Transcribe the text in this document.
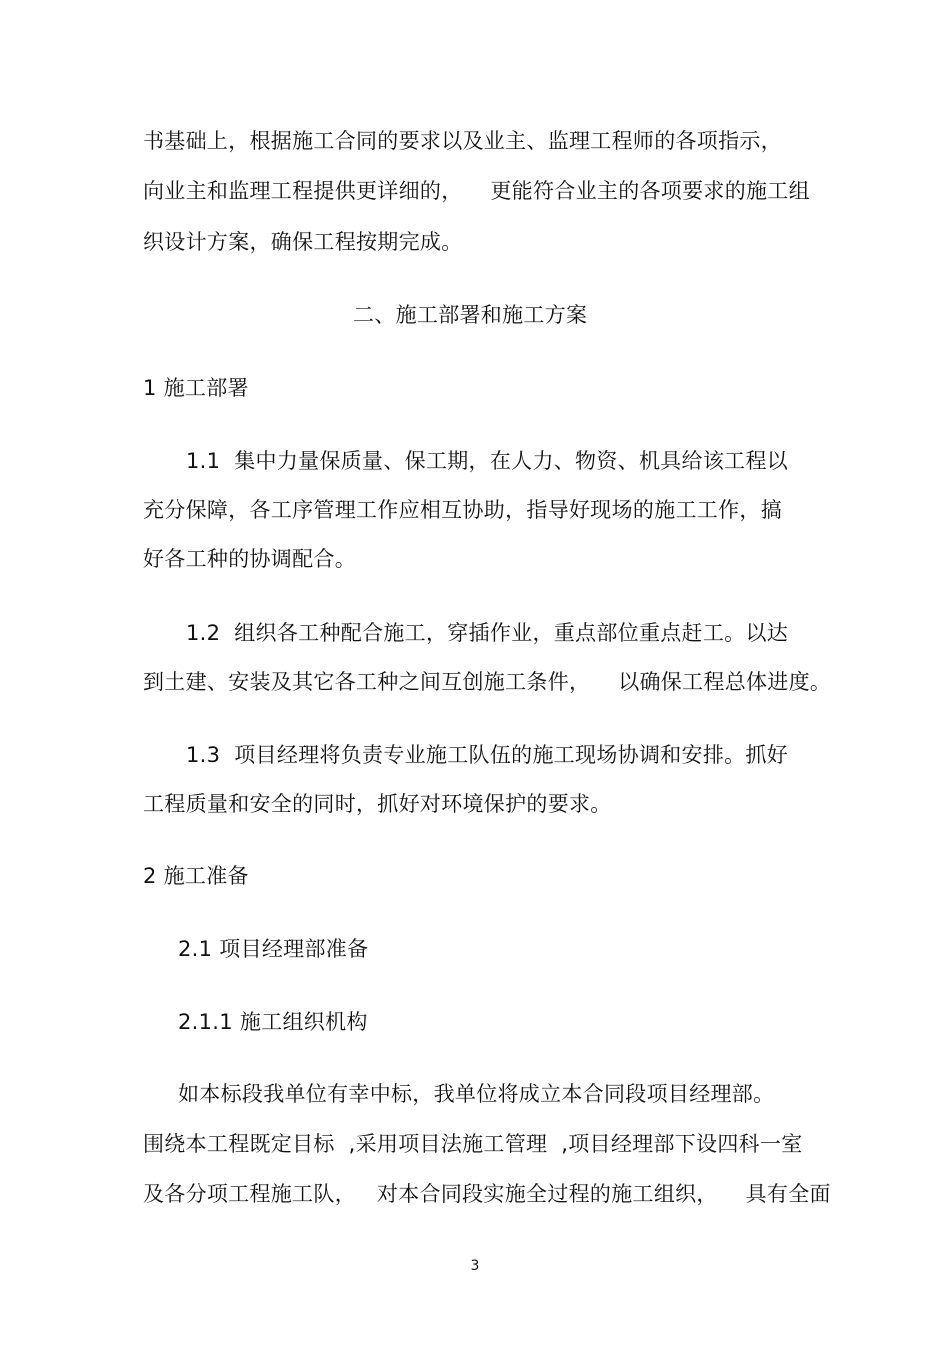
书基础上，根据施工合同的要求以及业主、监理工程师的各项指示，
向业主和监理工程提供更详细的，    更能符合业主的各项要求的施工组
织设计方案，确保工程按期完成。
二、施工部署和施工方案
1 施工部署
1.1  集中力量保质量、保工期，在人力、物资、机具给该工程以
充分保障，各工序管理工作应相互协助，指导好现场的施工工作，搞
好各工种的协调配合。
1.2  组织各工种配合施工，穿插作业，重点部位重点赶工。以达
到土建、安装及其它各工种之间互创施工条件，    以确保工程总体进度。
1.3  项目经理将负责专业施工队伍的施工现场协调和安排。抓好
工程质量和安全的同时，抓好对环境保护的要求。
2 施工准备
2.1 项目经理部准备
2.1.1 施工组织机构
如本标段我单位有幸中标，我单位将成立本合同段项目经理部。
围绕本工程既定目标  ,采用项目法施工管理  ,项目经理部下设四科一室
及各分项工程施工队，   对本合同段实施全过程的施工组织，    具有全面
3
